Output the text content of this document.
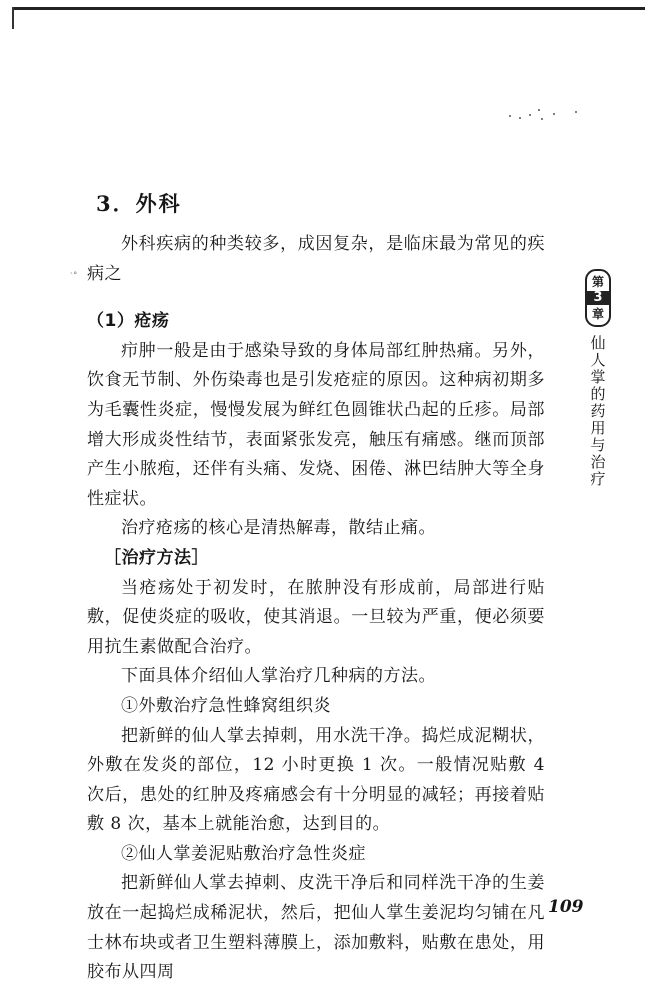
3．外科
ˎ˳

外科疾病的种类较多，成因复杂，是临床最为常见的疾病之

（1）疮疡

疖肿一般是由于感染导致的身体局部红肿热痛。另外，饮食无节制、外伤染毒也是引发疮症的原因。这种病初期多为毛囊性炎症，慢慢发展为鲜红色圆锥状凸起的丘疹。局部增大形成炎性结节，表面紧张发亮，触压有痛感。继而顶部产生小脓疱，还伴有头痛、发烧、困倦、淋巴结肿大等全身性症状。

治疗疮疡的核心是清热解毒，散结止痛。

［治疗方法］

当疮疡处于初发时，在脓肿没有形成前，局部进行贴敷，促使炎症的吸收，使其消退。一旦较为严重，便必须要用抗生素做配合治疗。

下面具体介绍仙人掌治疗几种病的方法。

①外敷治疗急性蜂窝组织炎

把新鲜的仙人掌去掉刺，用水洗干净。捣烂成泥糊状，外敷在发炎的部位，12 小时更换 1 次。一般情况贴敷 4 次后，患处的红肿及疼痛感会有十分明显的减轻；再接着贴敷 8 次，基本上就能治愈，达到目的。

②仙人掌姜泥贴敷治疗急性炎症

把新鲜仙人掌去掉刺、皮洗干净后和同样洗干净的生姜放在一起捣烂成稀泥状，然后，把仙人掌生姜泥均匀铺在凡士林布块或者卫生塑料薄膜上，添加敷料，贴敷在患处，用胶布从四周

第
3
章
仙人掌的药用与治疗
109
